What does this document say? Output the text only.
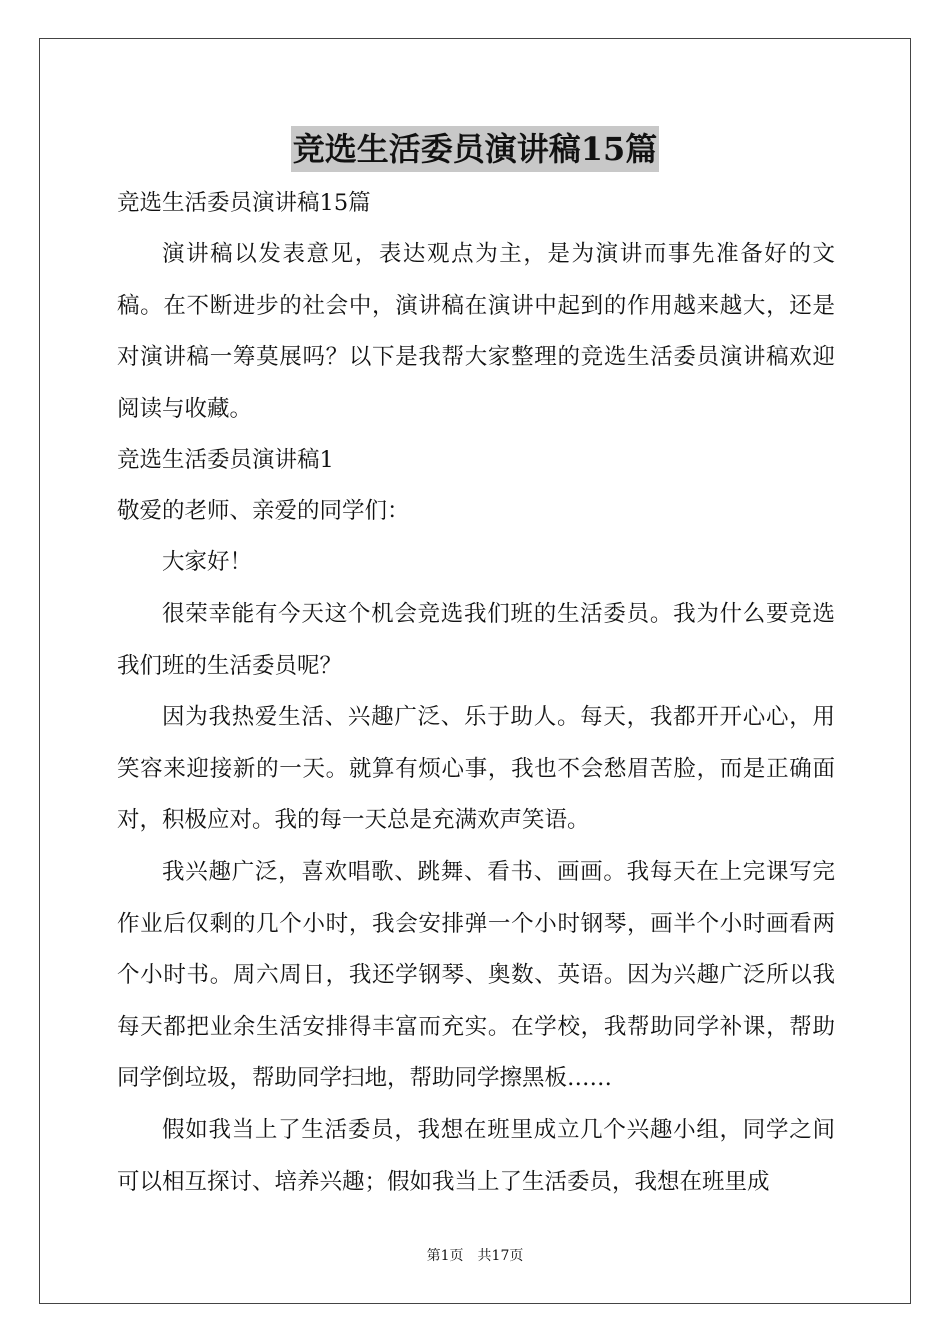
竞选生活委员演讲稿15篇

竞选生活委员演讲稿15篇

演讲稿以发表意见，表达观点为主，是为演讲而事先准备好的文稿。在不断进步的社会中，演讲稿在演讲中起到的作用越来越大，还是对演讲稿一筹莫展吗？以下是我帮大家整理的竞选生活委员演讲稿欢迎阅读与收藏。

竞选生活委员演讲稿1

敬爱的老师、亲爱的同学们：

大家好！

很荣幸能有今天这个机会竞选我们班的生活委员。我为什么要竞选我们班的生活委员呢？

因为我热爱生活、兴趣广泛、乐于助人。每天，我都开开心心，用笑容来迎接新的一天。就算有烦心事，我也不会愁眉苦脸，而是正确面对，积极应对。我的每一天总是充满欢声笑语。

我兴趣广泛，喜欢唱歌、跳舞、看书、画画。我每天在上完课写完作业后仅剩的几个小时，我会安排弹一个小时钢琴，画半个小时画看两个小时书。周六周日，我还学钢琴、奥数、英语。因为兴趣广泛所以我每天都把业余生活安排得丰富而充实。在学校，我帮助同学补课，帮助同学倒垃圾，帮助同学扫地，帮助同学擦黑板……

假如我当上了生活委员，我想在班里成立几个兴趣小组，同学之间可以相互探讨、培养兴趣；假如我当上了生活委员，我想在班里成

第1页　共17页
